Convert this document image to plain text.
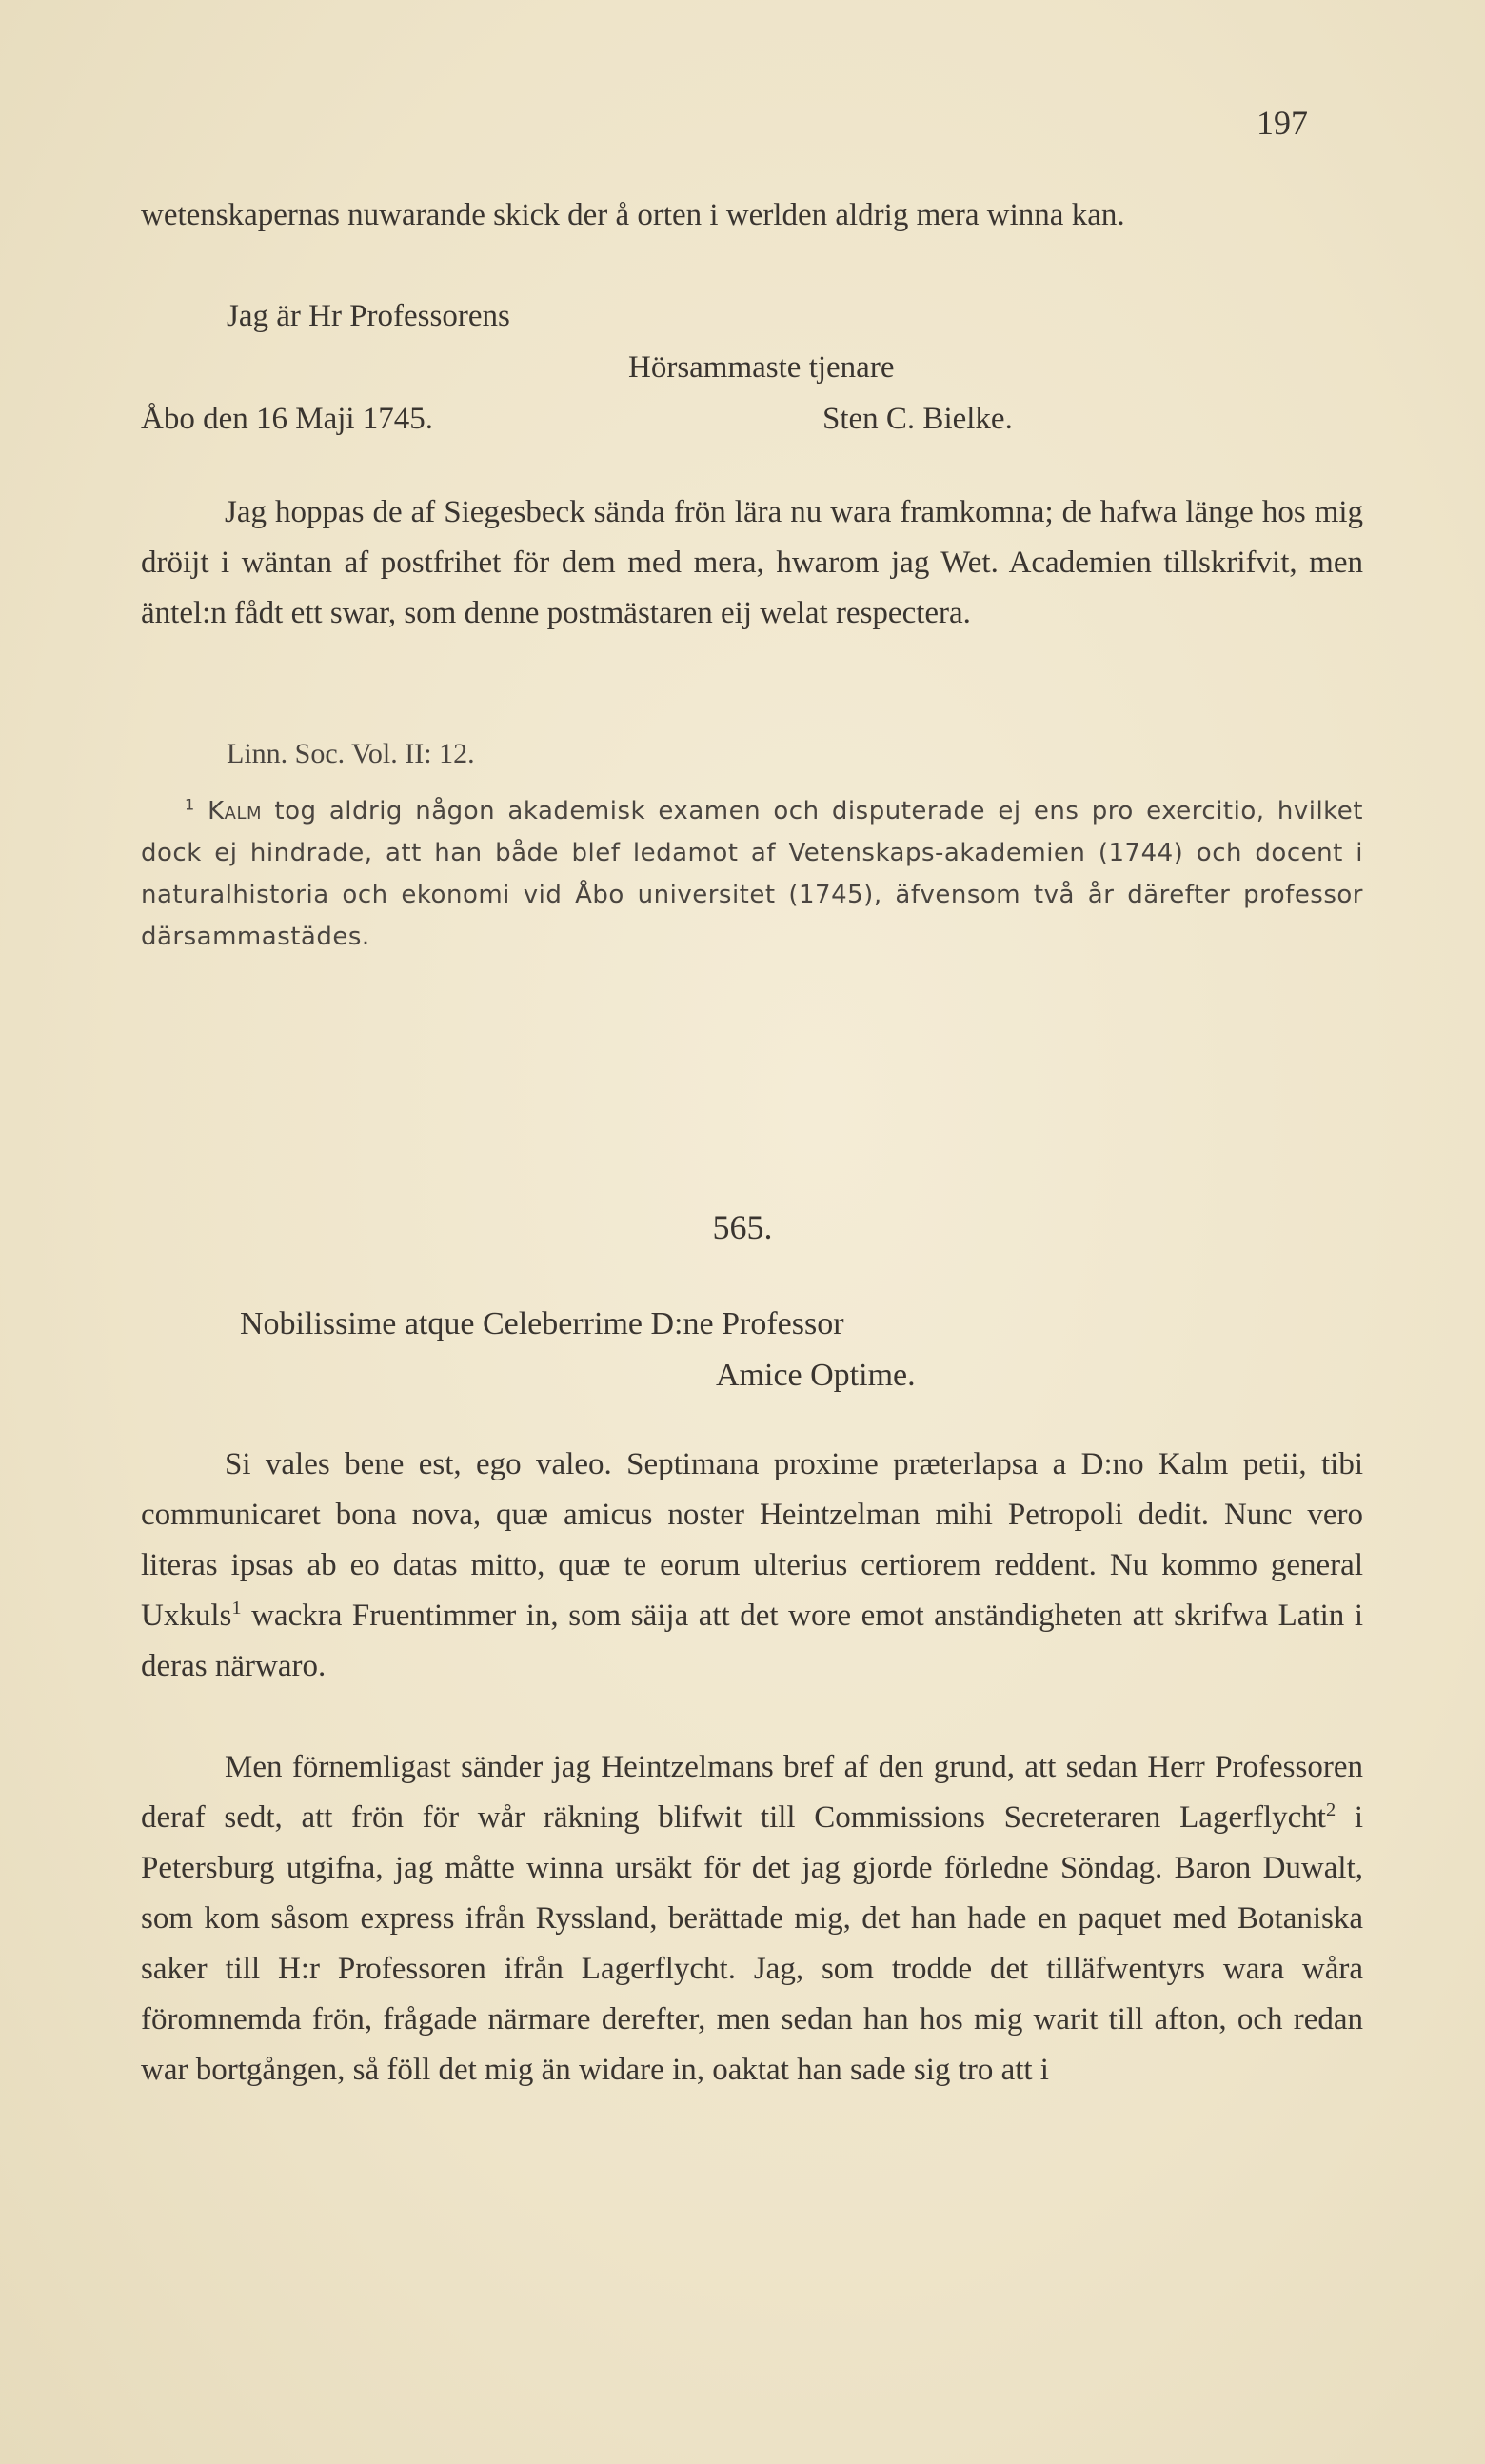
197

wetenskapernas nuwarande skick der å orten i werlden aldrig mera winna kan.

Jag är Hr Professorens
Hörsammaste tjenare
Åbo den 16 Maji 1745.	Sten C. Bielke.

Jag hoppas de af Siegesbeck sända frön lära nu wara framkomna; de hafwa länge hos mig dröijt i wäntan af postfrihet för dem med mera, hwarom jag Wet. Academien tillskrifvit, men äntel:n fådt ett swar, som denne postmästaren eij welat respectera.

Linn. Soc. Vol. II: 12.

$^1$ Kalm tog aldrig någon akademisk examen och disputerade ej ens pro exercitio, hvilket dock ej hindrade, att han både blef ledamot af Vetenskaps-akademien (1744) och docent i naturalhistoria och ekonomi vid Åbo universitet (1745), äfvensom två år därefter professor därsammastädes.

565.
Nobilissime atque Celeberrime D:ne Professor
Amice Optime.

Si vales bene est, ego valeo. Septimana proxime præterlapsa a D:no Kalm petii, tibi communicaret bona nova, quæ amicus noster Heintzelman mihi Petropoli dedit. Nunc vero literas ipsas ab eo datas mitto, quæ te eorum ulterius certiorem reddent. Nu kommo general Uxkuls$^1$ wackra Fruentimmer in, som säija att det wore emot anständigheten att skrifwa Latin i deras närwaro.

Men förnemligast sänder jag Heintzelmans bref af den grund, att sedan Herr Professoren deraf sedt, att frön för wår räkning blifwit till Commissions Secreteraren Lagerflycht$^2$ i Petersburg utgifna, jag måtte winna ursäkt för det jag gjorde förledne Söndag. Baron Duwalt, som kom såsom express ifrån Ryssland, berättade mig, det han hade en paquet med Botaniska saker till H:r Professoren ifrån Lagerflycht. Jag, som trodde det tilläfwentyrs wara wåra föromnemda frön, frågade närmare derefter, men sedan han hos mig warit till afton, och redan war bortgången, så föll det mig än widare in, oaktat han sade sig tro att i
